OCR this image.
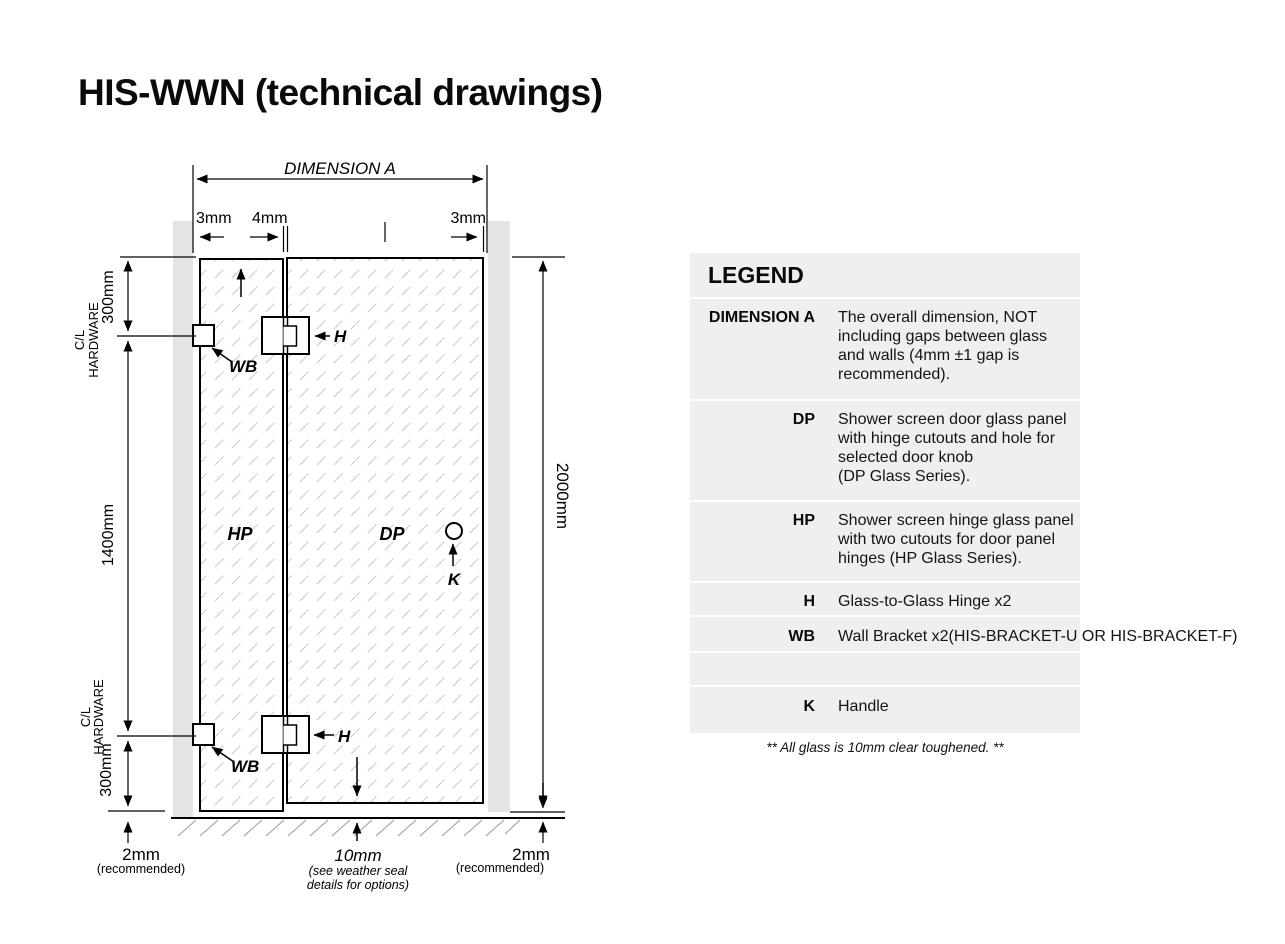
HIS-WWN (technical drawings)
DIMENSION A
3mm 4mm	3mm
C/L HARDWARE
300mm
1400mm
C/L
HARDWARE
300mm
2000mm
HP	DP
WB
H
WB
H
K
2mm
(recommended)
10mm
(see weather seal
details for options)
2mm
(recommended)
LEGEND
DIMENSION A The overall dimension, NOT
including gaps between glass
and walls (4mm ±1 gap is
recommended).
DP Shower screen door glass panel
with hinge cutouts and hole for
selected door knob
(DP Glass Series).
HP Shower screen hinge glass panel
with two cutouts for door panel
hinges (HP Glass Series).
H Glass-to-Glass Hinge x2
WB Wall Bracket x2(HIS-BRACKET-U OR HIS-BRACKET-F)
K Handle
** All glass is 10mm clear toughened. **
